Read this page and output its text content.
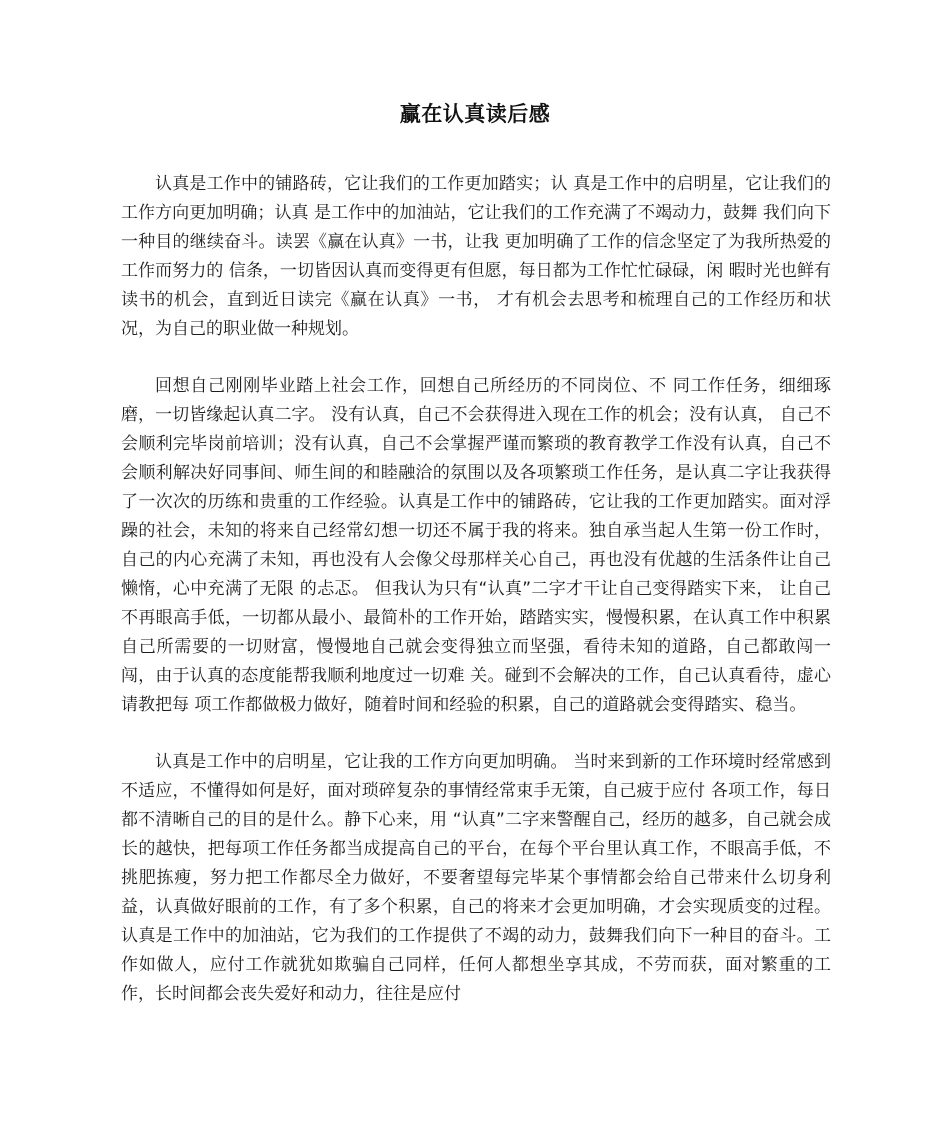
赢在认真读后感

认真是工作中的铺路砖，它让我们的工作更加踏实；认 真是工作中的启明星，它让我们的工作方向更加明确；认真 是工作中的加油站，它让我们的工作充满了不竭动力，鼓舞 我们向下一种目的继续奋斗。读罢《赢在认真》一书，让我 更加明确了工作的信念坚定了为我所热爱的工作而努力的 信条，一切皆因认真而变得更有但愿，每日都为工作忙忙碌碌，闲 暇时光也鲜有读书的机会，直到近日读完《赢在认真》一书， 才有机会去思考和梳理自己的工作经历和状况，为自己的职业做一种规划。

回想自己刚刚毕业踏上社会工作，回想自己所经历的不同岗位、不 同工作任务，细细琢磨，一切皆缘起认真二字。 没有认真，自己不会获得进入现在工作的机会；没有认真， 自己不会顺利完毕岗前培训；没有认真，自己不会掌握严谨而繁琐的教育教学工作没有认真，自己不会顺利解决好同事间、师生间的和睦融洽的氛围以及各项繁琐工作任务，是认真二字让我获得了一次次的历练和贵重的工作经验。认真是工作中的铺路砖，它让我的工作更加踏实。面对浮躁的社会，未知的将来自己经常幻想一切还不属于我的将来。独自承当起人生第一份工作时，自己的内心充满了未知，再也没有人会像父母那样关心自己，再也没有优越的生活条件让自己懒惰，心中充满了无限 的忐忑。 但我认为只有“认真”二字才干让自己变得踏实下来， 让自己不再眼高手低，一切都从最小、最简朴的工作开始，踏踏实实，慢慢积累，在认真工作中积累自己所需要的一切财富，慢慢地自己就会变得独立而坚强，看待未知的道路，自己都敢闯一闯，由于认真的态度能帮我顺利地度过一切难 关。碰到不会解决的工作，自己认真看待，虚心请教把每 项工作都做极力做好，随着时间和经验的积累，自己的道路就会变得踏实、稳当。

认真是工作中的启明星，它让我的工作方向更加明确。 当时来到新的工作环境时经常感到不适应，不懂得如何是好，面对琐碎复杂的事情经常束手无策，自己疲于应付 各项工作，每日都不清晰自己的目的是什么。静下心来，用 “认真”二字来警醒自己，经历的越多，自己就会成长的越快，把每项工作任务都当成提高自己的平台，在每个平台里认真工作，不眼高手低，不挑肥拣瘦，努力把工作都尽全力做好，不要奢望每完毕某个事情都会给自己带来什么切身利益，认真做好眼前的工作，有了多个积累，自己的将来才会更加明确，才会实现质变的过程。 认真是工作中的加油站，它为我们的工作提供了不竭的动力，鼓舞我们向下一种目的奋斗。工作如做人，应付工作就犹如欺骗自己同样，任何人都想坐享其成，不劳而获，面对繁重的工作，长时间都会丧失爱好和动力，往往是应付
